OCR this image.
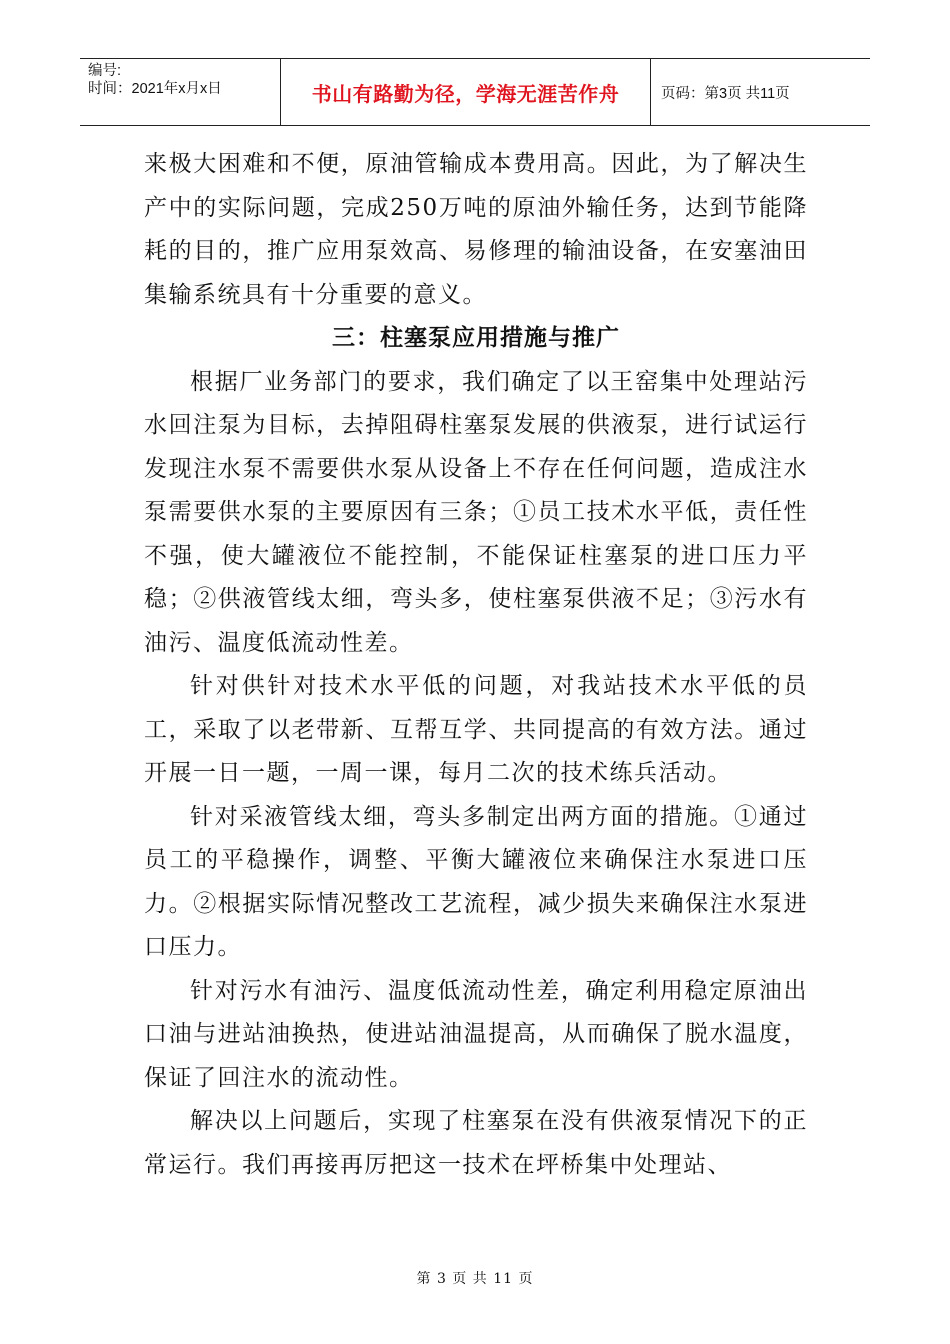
编号:
时间：2021年x月x日	书山有路勤为径，学海无涯苦作舟	页码：第3页 共11页

来极大困难和不便，原油管输成本费用高。因此，为了解决生产中的实际问题，完成250万吨的原油外输任务，达到节能降耗的目的，推广应用泵效高、易修理的输油设备，在安塞油田集输系统具有十分重要的意义。

三：柱塞泵应用措施与推广

根据厂业务部门的要求，我们确定了以王窑集中处理站污水回注泵为目标，去掉阻碍柱塞泵发展的供液泵，进行试运行发现注水泵不需要供水泵从设备上不存在任何问题，造成注水泵需要供水泵的主要原因有三条；①员工技术水平低，责任性不强，使大罐液位不能控制，不能保证柱塞泵的进口压力平稳；②供液管线太细，弯头多，使柱塞泵供液不足；③污水有油污、温度低流动性差。

针对供针对技术水平低的问题，对我站技术水平低的员工，采取了以老带新、互帮互学、共同提高的有效方法。通过开展一日一题，一周一课，每月二次的技术练兵活动。

针对采液管线太细，弯头多制定出两方面的措施。①通过员工的平稳操作，调整、平衡大罐液位来确保注水泵进口压力。②根据实际情况整改工艺流程，减少损失来确保注水泵进口压力。

针对污水有油污、温度低流动性差，确定利用稳定原油出口油与进站油换热，使进站油温提高，从而确保了脱水温度，保证了回注水的流动性。

解决以上问题后，实现了柱塞泵在没有供液泵情况下的正常运行。我们再接再厉把这一技术在坪桥集中处理站、

第 3 页 共 11 页
